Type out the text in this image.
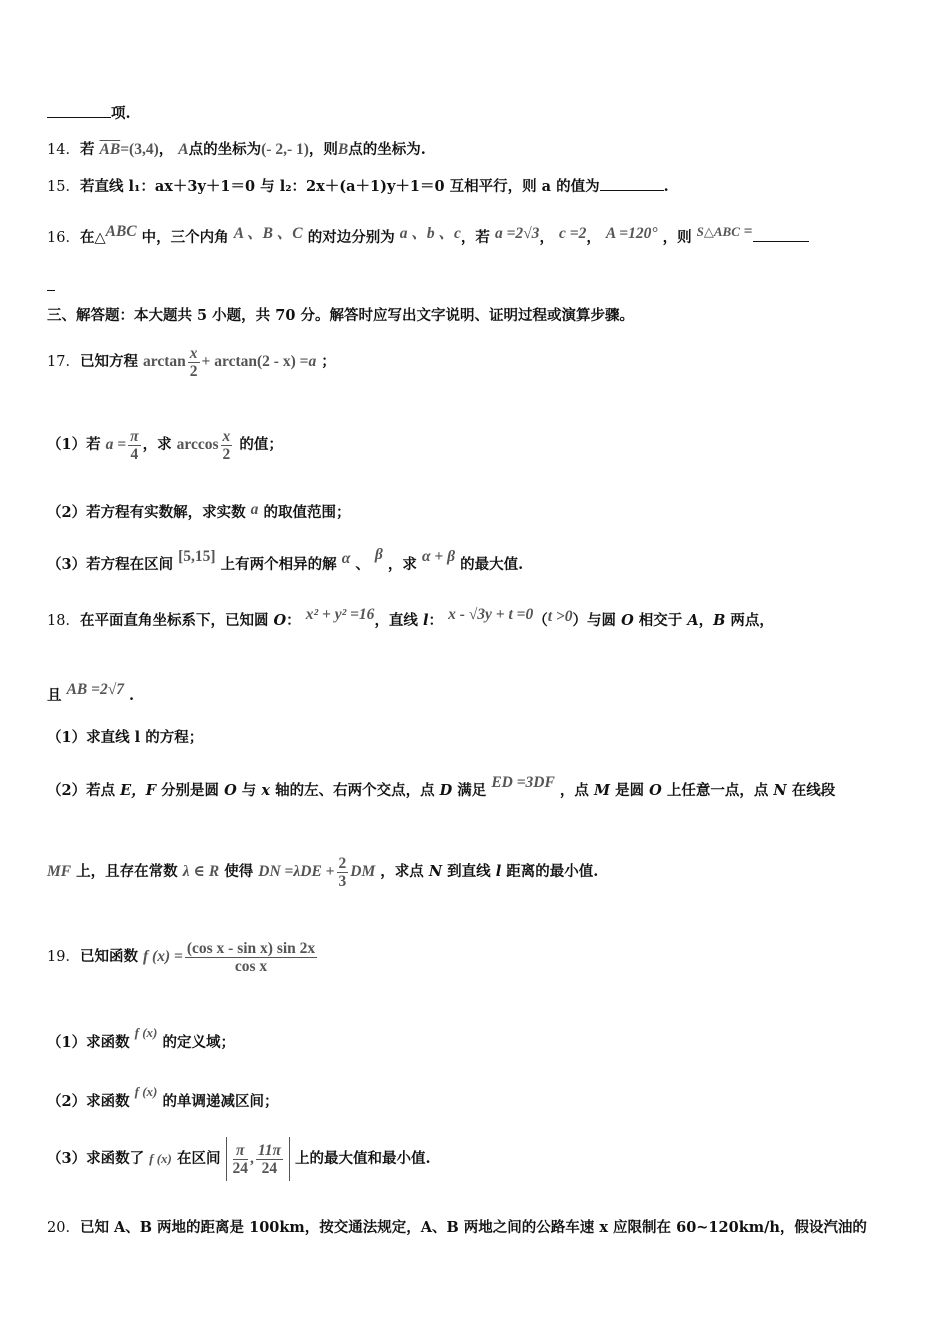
项.
14．若 $\overline{AB}=(3,4)$， A点的坐标为(- 2,- 1)，则B点的坐标为.
15．若直线 l₁：ax＋3y＋1＝0 与 l₂：2x＋(a＋1)y＋1＝0 互相平行，则 a 的值为	.
16．在△ABC 中，三个内角 A 、B 、C 的对边分别为 a 、b 、c，若 a =2√3， c =2， A =120° ，则 S△ABC =
三、解答题：本大题共 5 小题，共 70 分。解答时应写出文字说明、证明过程或演算步骤。
17．已知方程 $\arctan \frac{x}{2} + \arctan(2 - x) =a$ ；
（1）若 $a = \frac{\pi}{4}$ ，求 $\arccos \frac{x}{2}$ 的值；
（2）若方程有实数解，求实数 a 的取值范围；
（3）若方程在区间 [5,15] 上有两个相异的解 α 、 β ，求 α + β 的最大值.
18．在平面直角坐标系下，已知圆 O： x² + y² =16，直线 l： x - √3y + t =0（t >0）与圆 O 相交于 A，B 两点，
且 AB =2√7 .
（1）求直线 l 的方程；
（2）若点 E，F 分别是圆 O 与 x 轴的左、右两个交点，点 D 满足 ED =3DF ，点 M 是圆 O 上任意一点，点 N 在线段
MF 上，且存在常数 λ ∈ R 使得 DN $=\lambda DE + \frac{2}{3}$ DM ，求点 N 到直线 l 距离的最小值.
19．已知函数 f $(x) = \frac{\text{(cos x - sin x) sin 2x}}{\text{cos x}}$
（1）求函数 f (x) 的定义域；
（2）求函数 f (x) 的单调递减区间；
（3）求函数了 f (x) 在区间 $\frac{\pi}{24}$ , $\frac{11\pi}{24}$ 上的最大值和最小值.
20．已知 A、B 两地的距离是 100km，按交通法规定，A、B 两地之间的公路车速 x 应限制在 60~120km/h，假设汽油的
